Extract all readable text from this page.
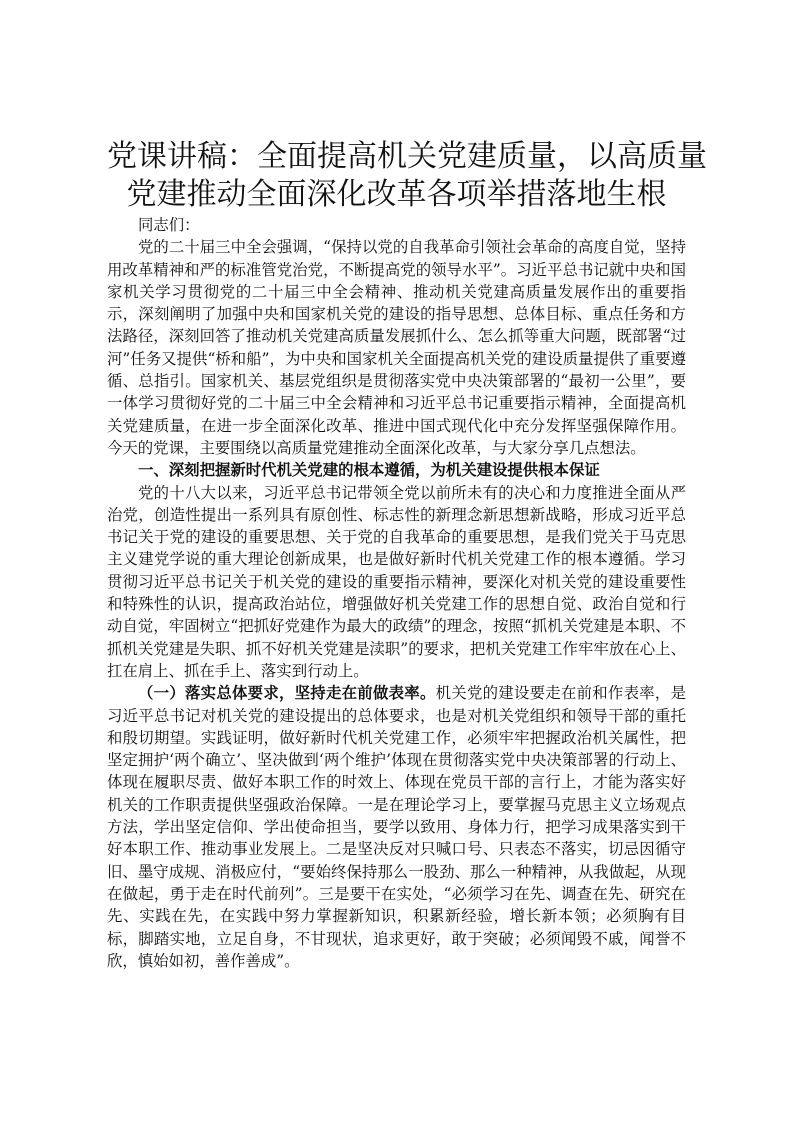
党课讲稿：全面提高机关党建质量，以高质量
党建推动全面深化改革各项举措落地生根

同志们：

党的二十届三中全会强调，“保持以党的自我革命引领社会革命的高度自觉，坚持用改革精神和严的标准管党治党，不断提高党的领导水平”。习近平总书记就中央和国家机关学习贯彻党的二十届三中全会精神、推动机关党建高质量发展作出的重要指示，深刻阐明了加强中央和国家机关党的建设的指导思想、总体目标、重点任务和方法路径，深刻回答了推动机关党建高质量发展抓什么、怎么抓等重大问题，既部署“过河”任务又提供“桥和船”，为中央和国家机关全面提高机关党的建设质量提供了重要遵循、总指引。国家机关、基层党组织是贯彻落实党中央决策部署的“最初一公里”，要一体学习贯彻好党的二十届三中全会精神和习近平总书记重要指示精神，全面提高机关党建质量，在进一步全面深化改革、推进中国式现代化中充分发挥坚强保障作用。今天的党课，主要围绕以高质量党建推动全面深化改革，与大家分享几点想法。

一、深刻把握新时代机关党建的根本遵循，为机关建设提供根本保证

党的十八大以来，习近平总书记带领全党以前所未有的决心和力度推进全面从严治党，创造性提出一系列具有原创性、标志性的新理念新思想新战略，形成习近平总书记关于党的建设的重要思想、关于党的自我革命的重要思想，是我们党关于马克思主义建党学说的重大理论创新成果，也是做好新时代机关党建工作的根本遵循。学习贯彻习近平总书记关于机关党的建设的重要指示精神，要深化对机关党的建设重要性和特殊性的认识，提高政治站位，增强做好机关党建工作的思想自觉、政治自觉和行动自觉，牢固树立“把抓好党建作为最大的政绩”的理念，按照“抓机关党建是本职、不抓机关党建是失职、抓不好机关党建是渎职”的要求，把机关党建工作牢牢放在心上、扛在肩上、抓在手上、落实到行动上。

（一）落实总体要求，坚持走在前做表率。机关党的建设要走在前和作表率，是习近平总书记对机关党的建设提出的总体要求，也是对机关党组织和领导干部的重托和殷切期望。实践证明，做好新时代机关党建工作，必须牢牢把握政治机关属性，把坚定拥护‘两个确立’、坚决做到‘两个维护’体现在贯彻落实党中央决策部署的行动上、体现在履职尽责、做好本职工作的时效上、体现在党员干部的言行上，才能为落实好机关的工作职责提供坚强政治保障。一是在理论学习上，要掌握马克思主义立场观点方法，学出坚定信仰、学出使命担当，要学以致用、身体力行，把学习成果落实到干好本职工作、推动事业发展上。二是坚决反对只喊口号、只表态不落实，切忌因循守旧、墨守成规、消极应付，“要始终保持那么一股劲、那么一种精神，从我做起，从现在做起，勇于走在时代前列”。三是要干在实处，“必须学习在先、调查在先、研究在先、实践在先，在实践中努力掌握新知识，积累新经验，增长新本领；必须胸有目标，脚踏实地，立足自身，不甘现状，追求更好，敢于突破；必须闻毁不戚，闻誉不欣，慎始如初，善作善成”。
